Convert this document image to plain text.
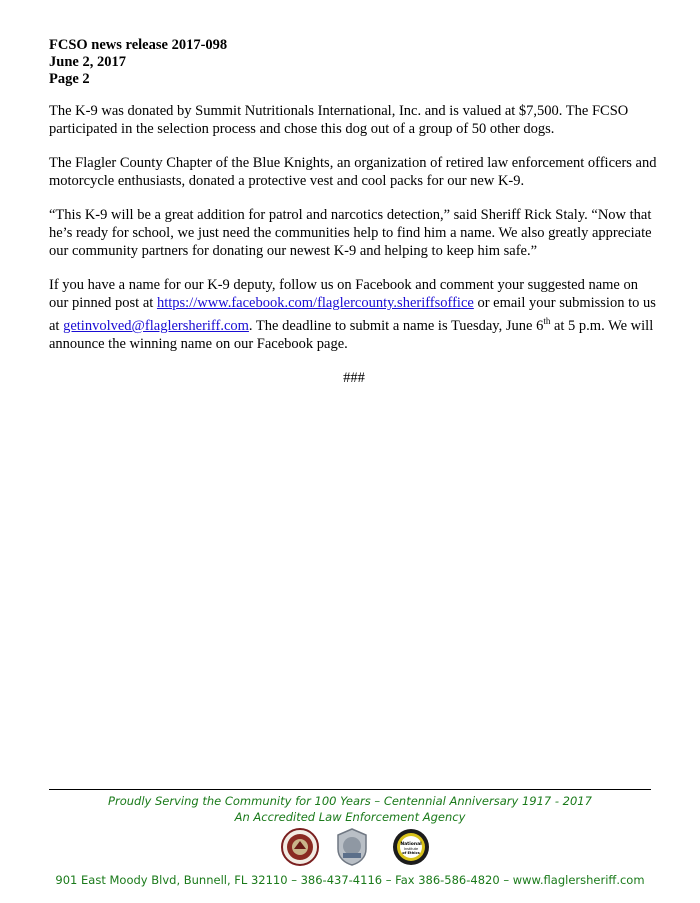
FCSO news release 2017-098
June 2, 2017
Page 2

The K-9 was donated by Summit Nutritionals International, Inc. and is valued at $7,500. The FCSO participated in the selection process and chose this dog out of a group of 50 other dogs.

The Flagler County Chapter of the Blue Knights, an organization of retired law enforcement officers and motorcycle enthusiasts, donated a protective vest and cool packs for our new K-9.

“This K-9 will be a great addition for patrol and narcotics detection,” said Sheriff Rick Staly. “Now that he’s ready for school, we just need the communities help to find him a name. We also greatly appreciate our community partners for donating our newest K-9 and helping to keep him safe.”

If you have a name for our K-9 deputy, follow us on Facebook and comment your suggested name on our pinned post at https://www.facebook.com/flaglercounty.sheriffsoffice or email your submission to us at getinvolved@flaglersheriff.com. The deadline to submit a name is Tuesday, June 6th at 5 p.m. We will announce the winning name on our Facebook page.

###
Proudly Serving the Community for 100 Years – Centennial Anniversary 1917 - 2017
An Accredited Law Enforcement Agency
National
Institute
of Ethics
901 East Moody Blvd, Bunnell, FL 32110 – 386-437-4116 – Fax 386-586-4820 – www.flaglersheriff.com
